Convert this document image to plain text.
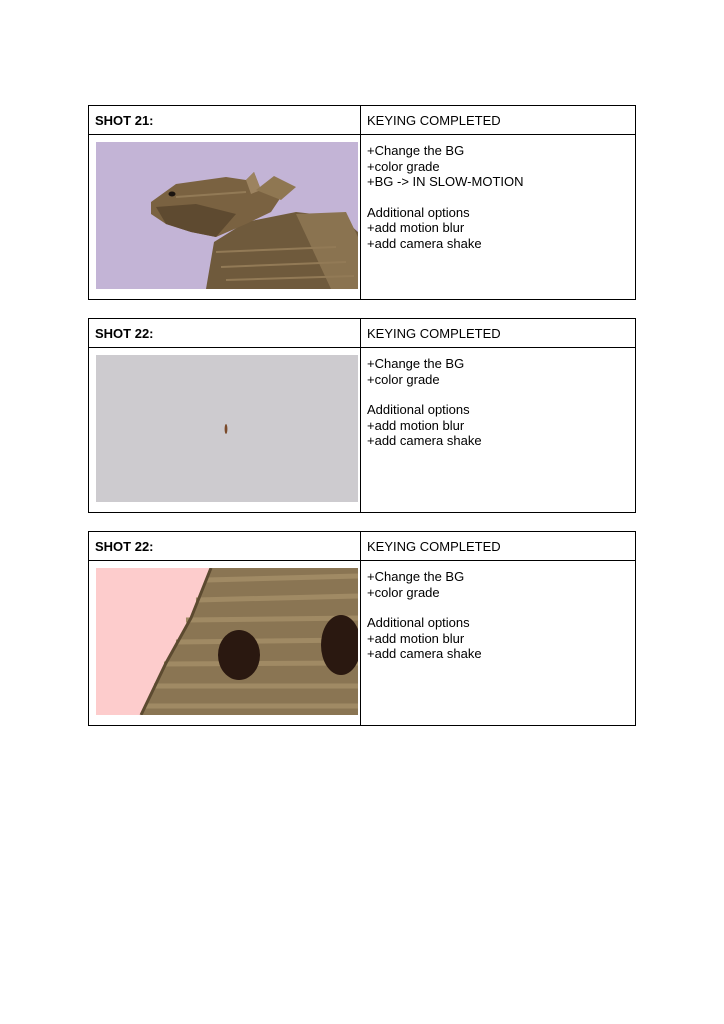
SHOT 21:	KEYING COMPLETED
+Change the BG
+color grade
+BG -> IN SLOW-MOTION
Additional options
+add motion blur
+add camera shake
SHOT 22:	KEYING COMPLETED
+Change the BG
+color grade
Additional options
+add motion blur
+add camera shake
SHOT 22:	KEYING COMPLETED
+Change the BG
+color grade
Additional options
+add motion blur
+add camera shake
